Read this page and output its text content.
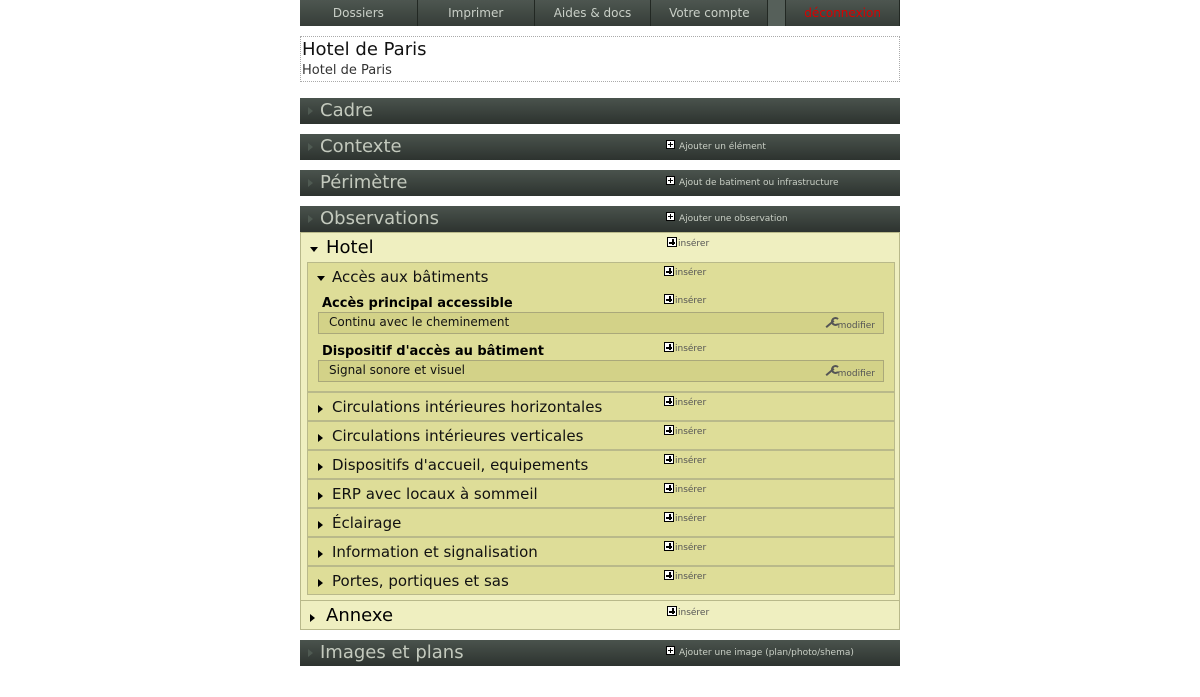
Dossiers	Imprimer	Aides & docs	Votre compte	déconnexion
Hotel de Paris
Hotel de Paris
Cadre
Contexte	Ajouter un élément
Périmètre	Ajout de batiment ou infrastructure
Observations	Ajouter une observation
Hotel	insérer
Accès aux bâtiments	insérer
Accès principal accessible	insérer
Continu avec le cheminement	modifier
Dispositif d'accès au bâtiment	insérer
Signal sonore et visuel	modifier
Circulations intérieures horizontales	insérer
Circulations intérieures verticales	insérer
Dispositifs d'accueil, equipements	insérer
ERP avec locaux à sommeil	insérer
Éclairage	insérer
Information et signalisation	insérer
Portes, portiques et sas	insérer
Annexe	insérer
Images et plans	Ajouter une image (plan/photo/shema)
